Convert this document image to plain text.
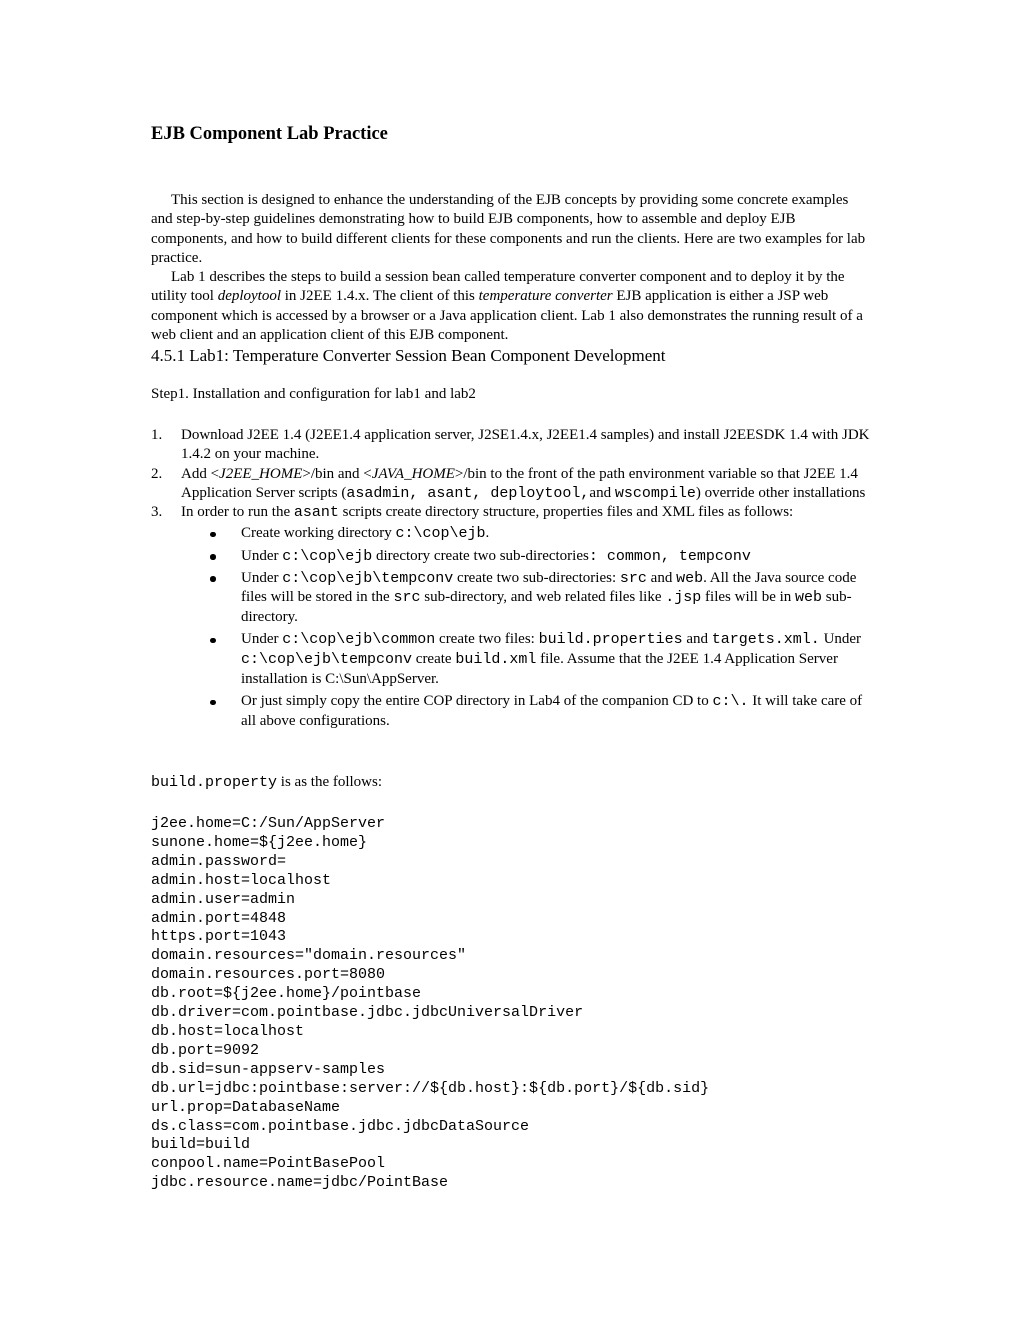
EJB Component Lab Practice

This section is designed to enhance the understanding of the EJB concepts by providing some concrete examples and step-by-step guidelines demonstrating how to build EJB components, how to assemble and deploy EJB components, and how to build different clients for these components and run the clients. Here are two examples for lab practice.

Lab 1 describes the steps to build a session bean called temperature converter component and to deploy it by the utility tool deploytool in J2EE 1.4.x. The client of this temperature converter EJB application is either a JSP web component which is accessed by a browser or a Java application client. Lab 1 also demonstrates the running result of a web client and an application client of this EJB component.

4.5.1 Lab1: Temperature Converter Session Bean Component Development

Step1. Installation and configuration for lab1 and lab2

1. Download J2EE 1.4 (J2EE1.4 application server, J2SE1.4.x, J2EE1.4 samples) and install J2EESDK 1.4 with JDK 1.4.2 on your machine.
2. Add <J2EE_HOME>/bin and <JAVA_HOME>/bin to the front of the path environment variable so that J2EE 1.4 Application Server scripts (asadmin, asant, deploytool,and wscompile) override other installations
3. In order to run the asant scripts create directory structure, properties files and XML files as follows:
Create working directory c:\cop\ejb.
Under c:\cop\ejb directory create two sub-directories: common, tempconv
Under c:\cop\ejb\tempconv create two sub-directories: src and web. All the Java source code files will be stored in the src sub-directory, and web related files like .jsp files will be in web sub-directory.
Under c:\cop\ejb\common create two files: build.properties and targets.xml. Under c:\cop\ejb\tempconv create build.xml file. Assume that the J2EE 1.4 Application Server installation is C:\Sun\AppServer.
Or just simply copy the entire COP directory in Lab4 of the companion CD to c:\. It will take care of all above configurations.

build.property is as the follows:

j2ee.home=C:/Sun/AppServer
sunone.home=${j2ee.home}
admin.password=
admin.host=localhost
admin.user=admin
admin.port=4848
https.port=1043
domain.resources="domain.resources"
domain.resources.port=8080
db.root=${j2ee.home}/pointbase
db.driver=com.pointbase.jdbc.jdbcUniversalDriver
db.host=localhost
db.port=9092
db.sid=sun-appserv-samples
db.url=jdbc:pointbase:server://${db.host}:${db.port}/${db.sid}
url.prop=DatabaseName
ds.class=com.pointbase.jdbc.jdbcDataSource
build=build
conpool.name=PointBasePool
jdbc.resource.name=jdbc/PointBase
